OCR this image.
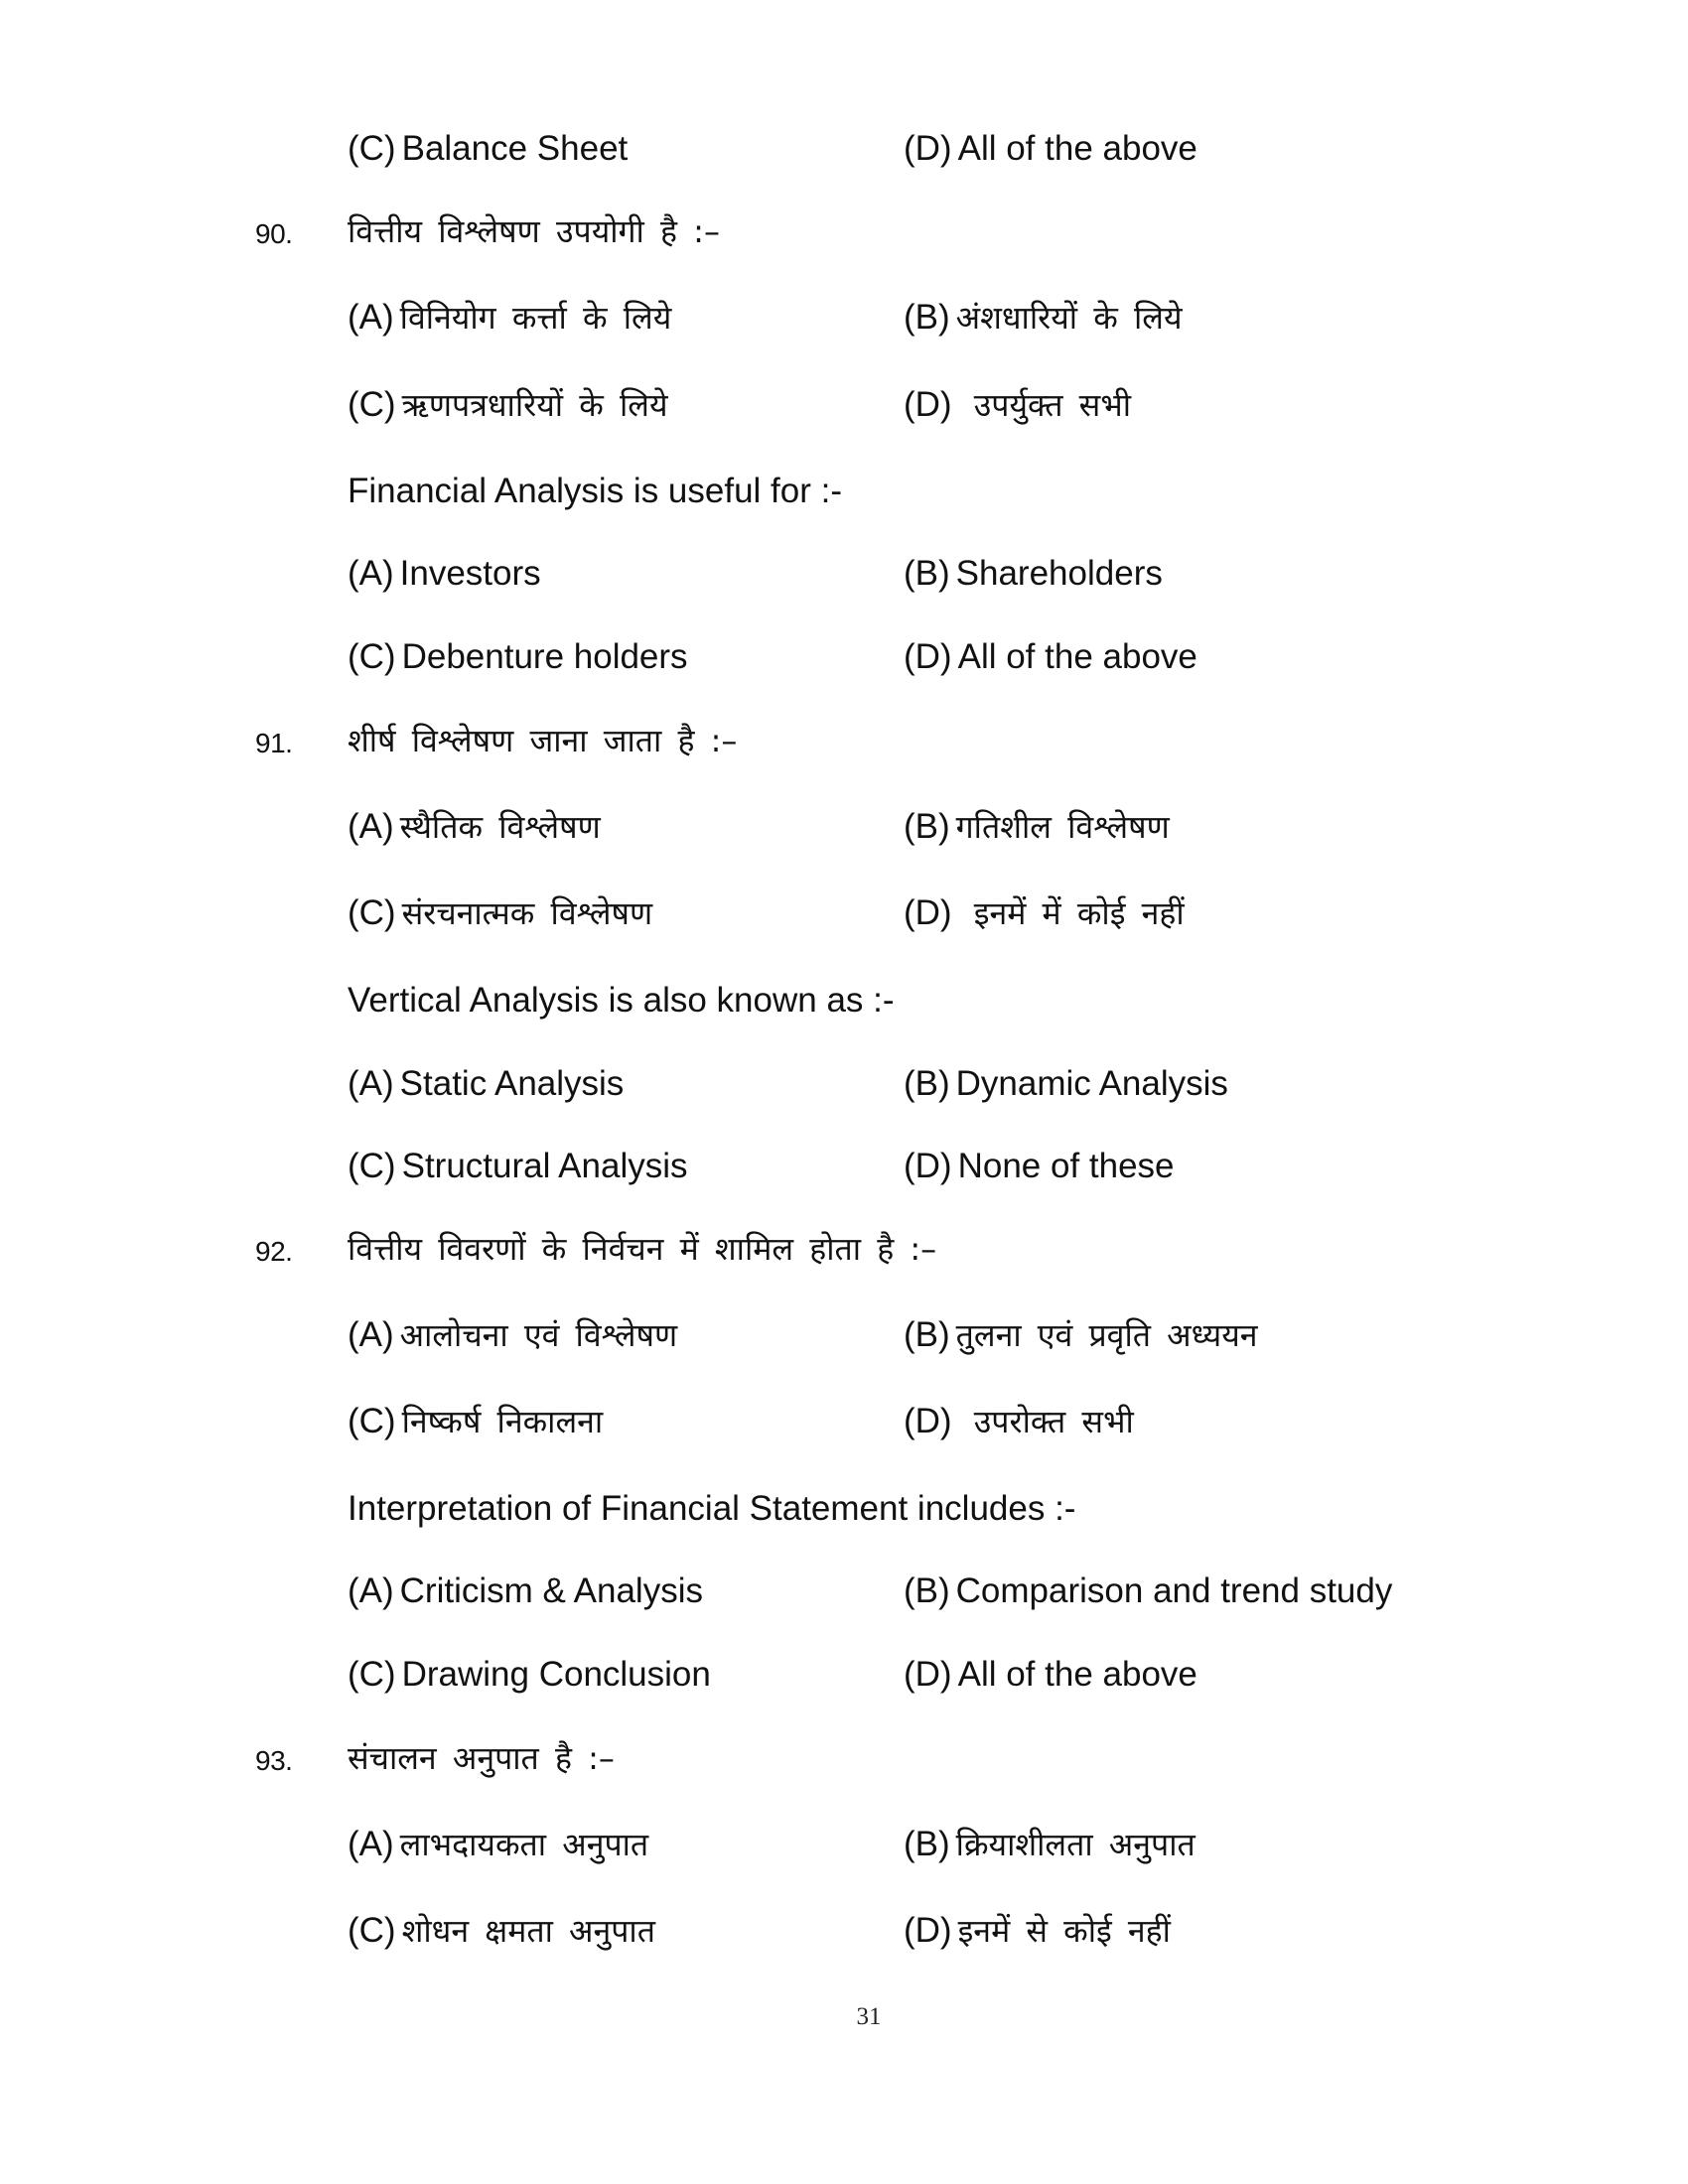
(C) Balance Sheet	(D) All of the above
90. वित्तीय विश्लेषण उपयोगी है :–
(A) विनियोग कर्त्ता के लिये	(B) अंशधारियों के लिये
(C) ऋणपत्रधारियों के लिये	(D) उपर्युक्त सभी
Financial Analysis is useful for :-
(A) Investors	(B) Shareholders
(C) Debenture holders	(D) All of the above
91. शीर्ष विश्लेषण जाना जाता है :–
(A) स्थैतिक विश्लेषण	(B) गतिशील विश्लेषण
(C) संरचनात्मक विश्लेषण	(D) इनमें में कोई नहीं
Vertical Analysis is also known as :-
(A) Static Analysis	(B) Dynamic Analysis
(C) Structural Analysis	(D) None of these
92. वित्तीय विवरणों के निर्वचन में शामिल होता है :–
(A) आलोचना एवं विश्लेषण	(B) तुलना एवं प्रवृति अध्ययन
(C) निष्कर्ष निकालना	(D) उपरोक्त सभी
Interpretation of Financial Statement includes :-
(A) Criticism & Analysis	(B) Comparison and trend study
(C) Drawing Conclusion	(D) All of the above
93. संचालन अनुपात है :–
(A) लाभदायकता अनुपात	(B) क्रियाशीलता अनुपात
(C) शोधन क्षमता अनुपात	(D) इनमें से कोई नहीं
31
